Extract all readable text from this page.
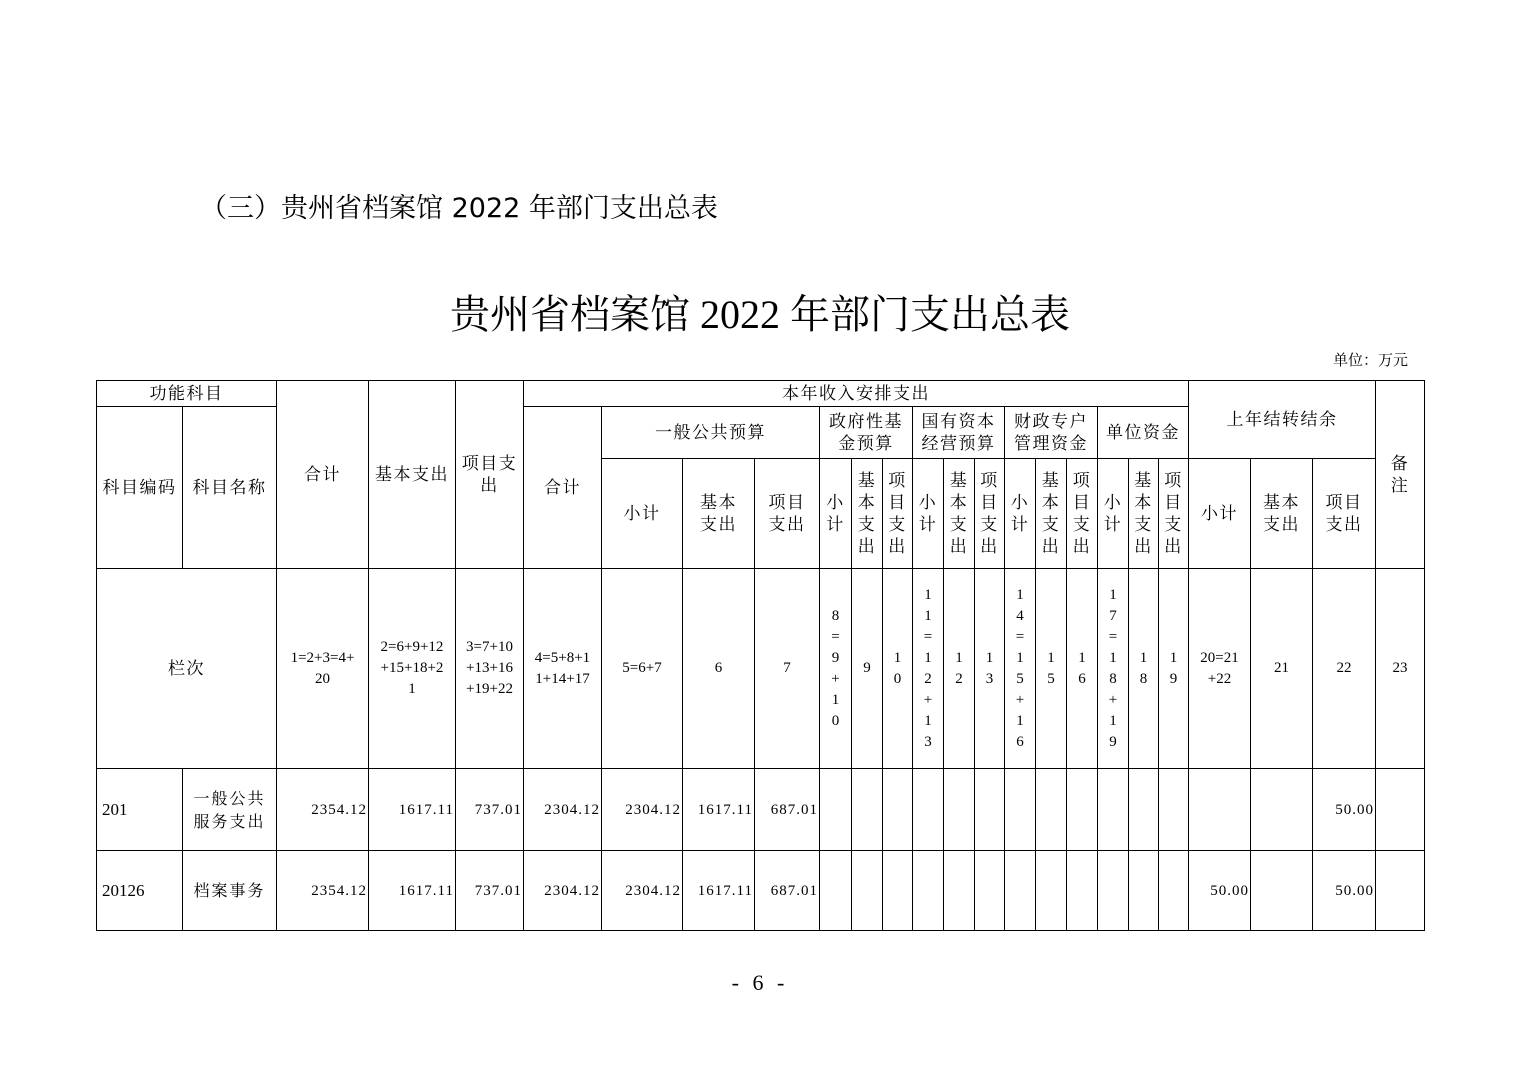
（三）贵州省档案馆 2022 年部门支出总表
贵州省档案馆 2022 年部门支出总表
单位：万元
功能科目		合计	基本支出	项目支出	本年收入安排支出																上年结转结余			备注

科目编码	科目名称				合计	一般公共预算			政府性基金预算			国有资本经营预算			财政专户管理资金			单位资金						
						小计	基本支出	项目支出	小计	基本支出	项目支出	小计	基本支出	项目支出	小计	基本支出	项目支出	小计	基本支出	项目支出	小计	基本支出	项目支出	

栏次		1=2+3=4+20	2=6+9+12+15+18+21	3=7+10+13+16+19+22	4=5+8+11+14+17	5=6+7	6	7	8=9+10	9	10	11=12+13	12	13	14=15+16	15	16	17=18+19	18	19	20=21+22	21	22	23
201	一般公共服务支出	2354.12	1617.11	737.01	2304.12	2304.12	1617.11	687.01															50.00	
20126	档案事务	2354.12	1617.11	737.01	2304.12	2304.12	1617.11	687.01													50.00		50.00	
- 6 -
